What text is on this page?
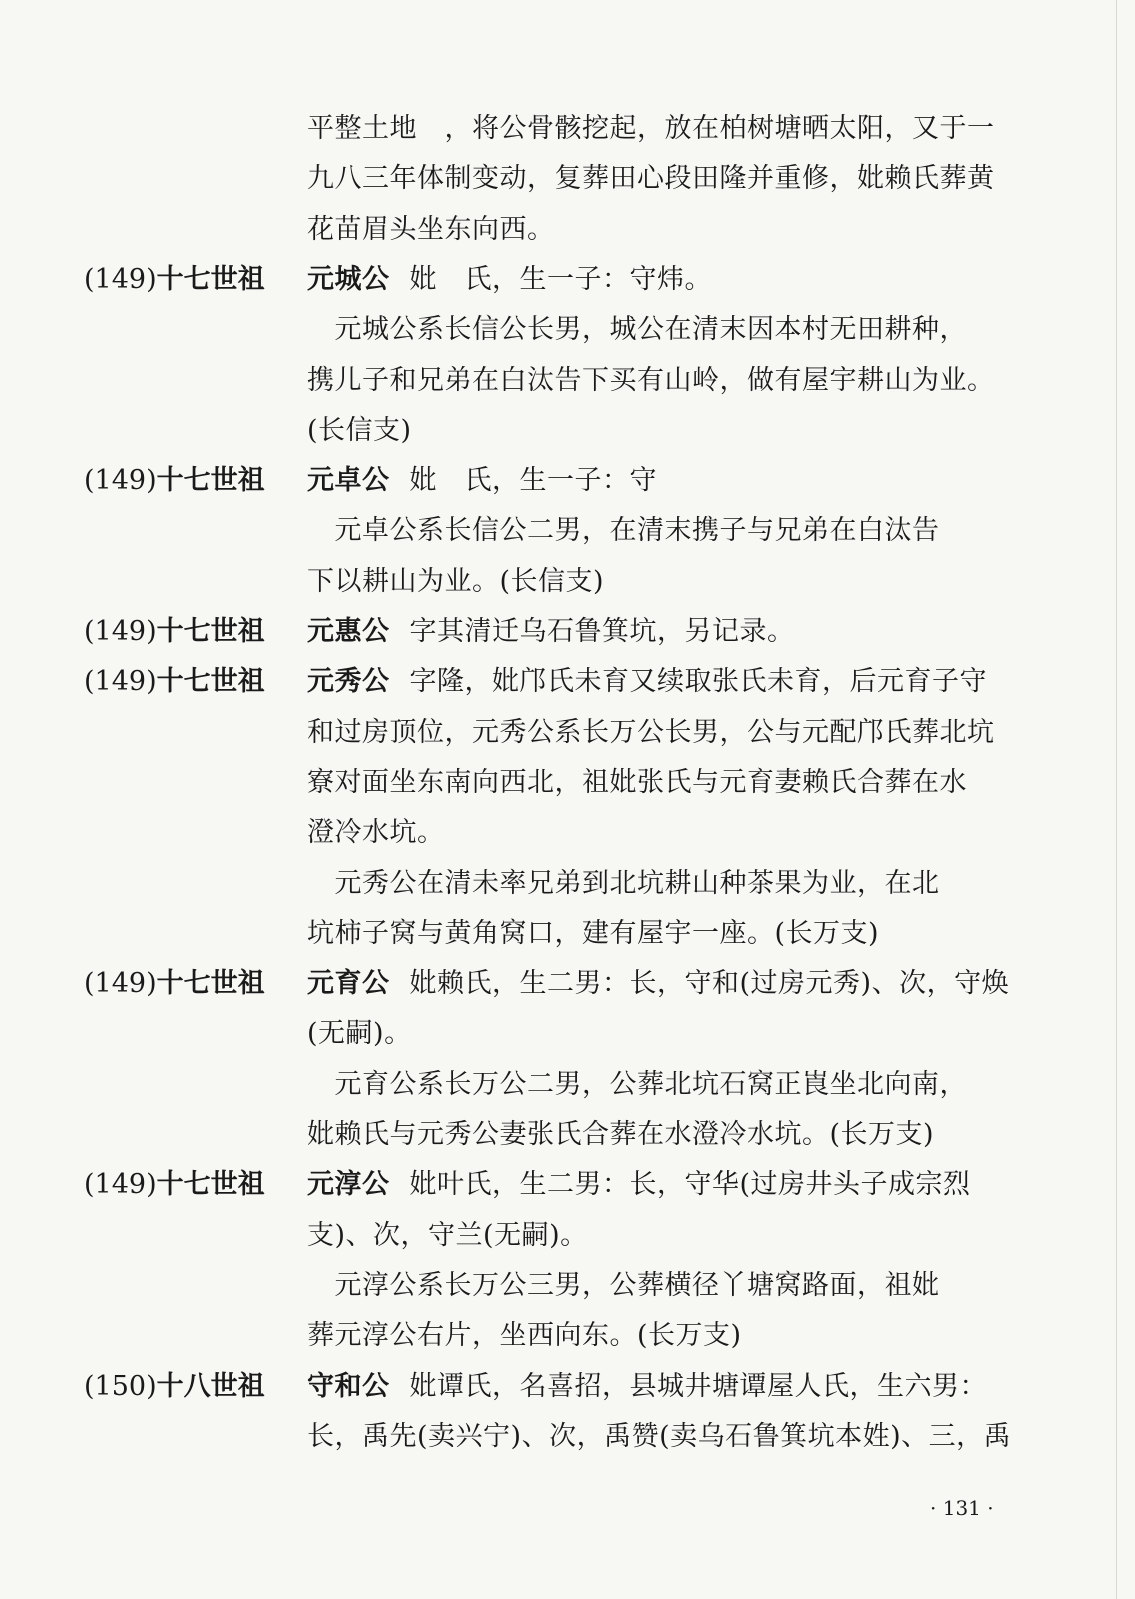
平整土地　，将公骨骸挖起，放在柏树塘晒太阳，又于一
九八三年体制变动，复葬田心段田隆并重修，妣赖氏葬黄
花苗眉头坐东向西。
(149)十七世祖 元城公 妣　氏，生一子：守炜。
　元城公系长信公长男，城公在清末因本村无田耕种，
携儿子和兄弟在白汰告下买有山岭，做有屋宇耕山为业。
(长信支)
(149)十七世祖 元卓公 妣　氏，生一子：守
　元卓公系长信公二男，在清末携子与兄弟在白汰告
下以耕山为业。(长信支)
(149)十七世祖 元惠公 字其清迁乌石鲁箕坑，另记录。
(149)十七世祖 元秀公 字隆，妣邝氏未育又续取张氏未育，后元育子守
和过房顶位，元秀公系长万公长男，公与元配邝氏葬北坑
寮对面坐东南向西北，祖妣张氏与元育妻赖氏合葬在水
澄冷水坑。
　元秀公在清未率兄弟到北坑耕山种茶果为业，在北
坑柿子窝与黄角窝口，建有屋宇一座。(长万支)
(149)十七世祖 元育公 妣赖氏，生二男：长，守和(过房元秀)、次，守焕
(无嗣)。
　元育公系长万公二男，公葬北坑石窝正崀坐北向南，
妣赖氏与元秀公妻张氏合葬在水澄冷水坑。(长万支)
(149)十七世祖 元淳公 妣叶氏，生二男：长，守华(过房井头子成宗烈
支)、次，守兰(无嗣)。
　元淳公系长万公三男，公葬横径丫塘窝路面，祖妣
葬元淳公右片，坐西向东。(长万支)
(150)十八世祖 守和公 妣谭氏，名喜招，县城井塘谭屋人氏，生六男：
长，禹先(卖兴宁)、次，禹赞(卖乌石鲁箕坑本姓)、三，禹
· 131 ·
